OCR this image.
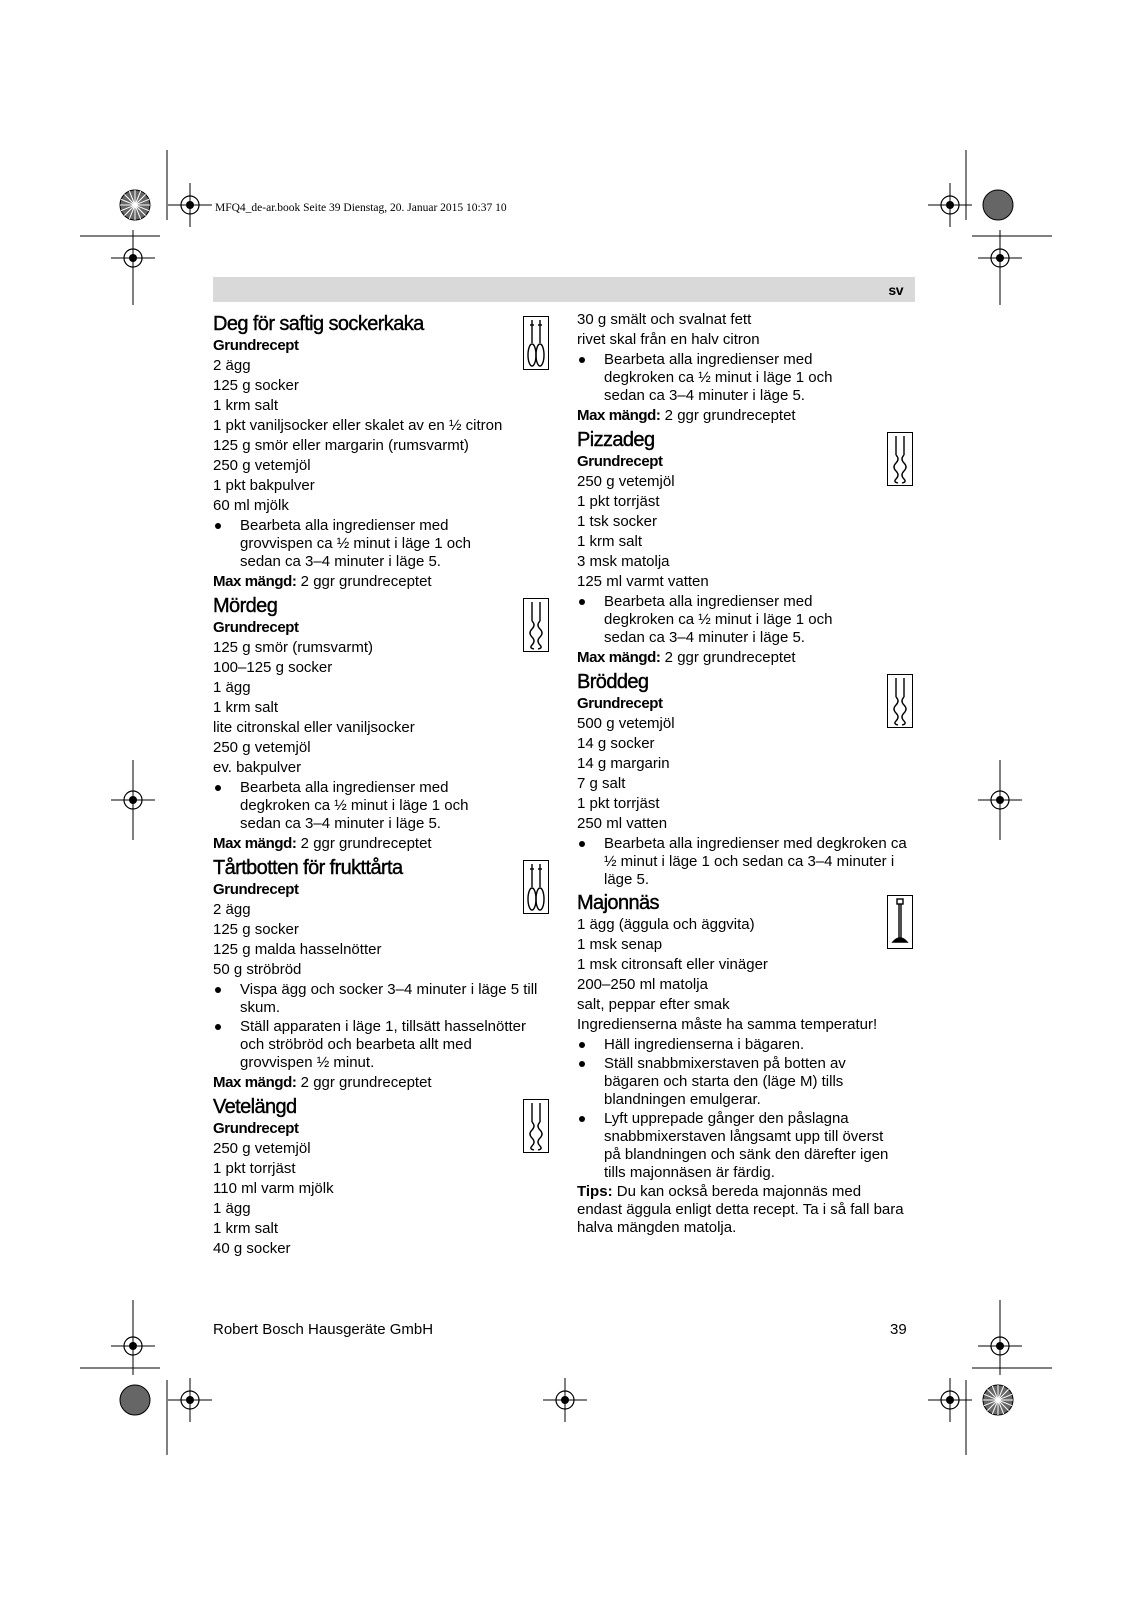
MFQ4_de-ar.book Seite 39 Dienstag, 20. Januar 2015 10:37 10
sv
Deg för saftig sockerkaka
Grundrecept
2 ägg
125 g socker
1 krm salt
1 pkt vaniljsocker eller skalet av en ½ citron
125 g smör eller margarin (rumsvarmt)
250 g vetemjöl
1 pkt bakpulver
60 ml mjölk
Bearbeta alla ingredienser med grovvispen ca ½ minut i läge 1 och sedan ca 3–4 minuter i läge 5.
Max mängd: 2 ggr grundreceptet
Mördeg
Grundrecept
125 g smör (rumsvarmt)
100–125 g socker
1 ägg
1 krm salt
lite citronskal eller vaniljsocker
250 g vetemjöl
ev. bakpulver
Bearbeta alla ingredienser med degkroken ca ½ minut i läge 1 och sedan ca 3–4 minuter i läge 5.
Max mängd: 2 ggr grundreceptet
Tårtbotten för frukttårta
Grundrecept
2 ägg
125 g socker
125 g malda hasselnötter
50 g ströbröd
Vispa ägg och socker 3–4 minuter i läge 5 till skum.
Ställ apparaten i läge 1, tillsätt hasselnötter och ströbröd och bearbeta allt med grovvispen ½ minut.
Max mängd: 2 ggr grundreceptet
Vetelängd
Grundrecept
250 g vetemjöl
1 pkt torrjäst
110 ml varm mjölk
1 ägg
1 krm salt
40 g socker
30 g smält och svalnat fett
rivet skal från en halv citron
Bearbeta alla ingredienser med degkroken ca ½ minut i läge 1 och sedan ca 3–4 minuter i läge 5.
Max mängd: 2 ggr grundreceptet
Pizzadeg
Grundrecept
250 g vetemjöl
1 pkt torrjäst
1 tsk socker
1 krm salt
3 msk matolja
125 ml varmt vatten
Bearbeta alla ingredienser med degkroken ca ½ minut i läge 1 och sedan ca 3–4 minuter i läge 5.
Max mängd: 2 ggr grundreceptet
Bröddeg
Grundrecept
500 g vetemjöl
14 g socker
14 g margarin
7 g salt
1 pkt torrjäst
250 ml vatten
Bearbeta alla ingredienser med degkroken ca ½ minut i läge 1 och sedan ca 3–4 minuter i läge 5.
Majonnäs
1 ägg (äggula och äggvita)
1 msk senap
1 msk citronsaft eller vinäger
200–250 ml matolja
salt, peppar efter smak
Ingredienserna måste ha samma temperatur!
Häll ingredienserna i bägaren.
Ställ snabbmixerstaven på botten av bägaren och starta den (läge M) tills blandningen emulgerar.
Lyft upprepade gånger den påslagna snabbmixerstaven långsamt upp till överst på blandningen och sänk den därefter igen tills majonnäsen är färdig.
Tips: Du kan också bereda majonnäs med endast äggula enligt detta recept. Ta i så fall bara halva mängden matolja.
Robert Bosch Hausgeräte GmbH	39
